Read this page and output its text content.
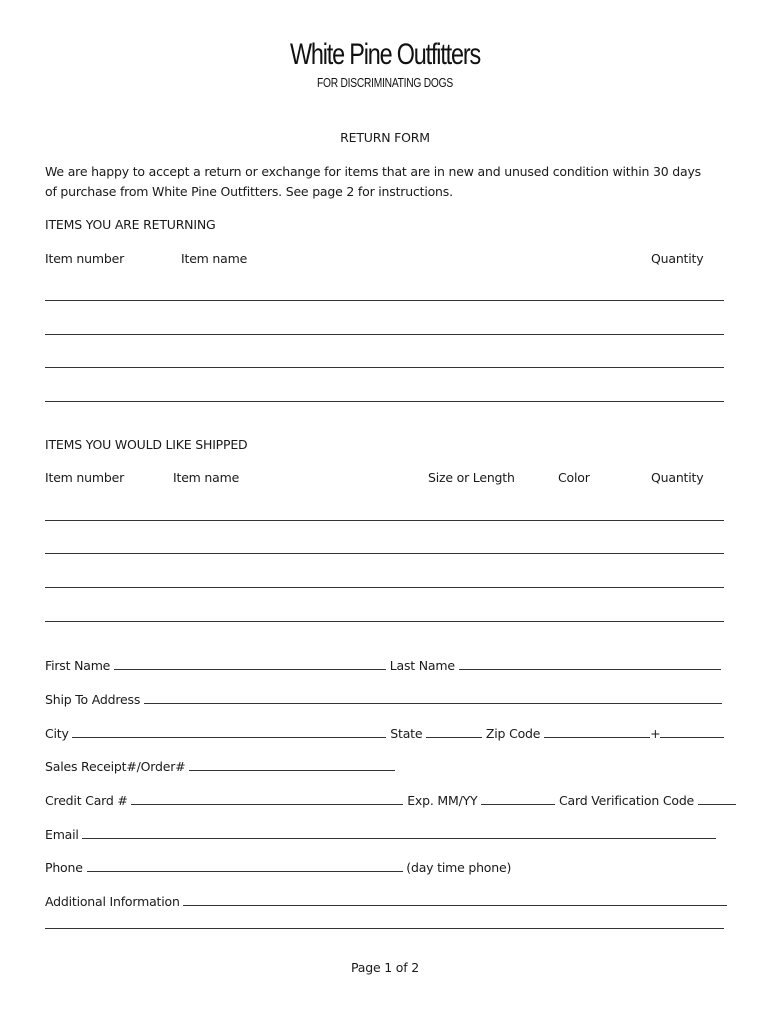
White Pine Outfitters
FOR DISCRIMINATING DOGS
RETURN FORM
We are happy to accept a return or exchange for items that are in new and unused condition within 30 days of purchase from White Pine Outfitters. See page 2 for instructions.
ITEMS YOU ARE RETURNING
Item number	Item name	Quantity
ITEMS YOU WOULD LIKE SHIPPED
Item number	Item name	Size or Length	Color	Quantity
First Name	Last Name
Ship To Address
City	State	Zip Code	+
Sales Receipt#/Order#
Credit Card #	Exp. MM/YY	Card Verification Code
Email
Phone	(day time phone)
Additional Information
Page 1 of 2
